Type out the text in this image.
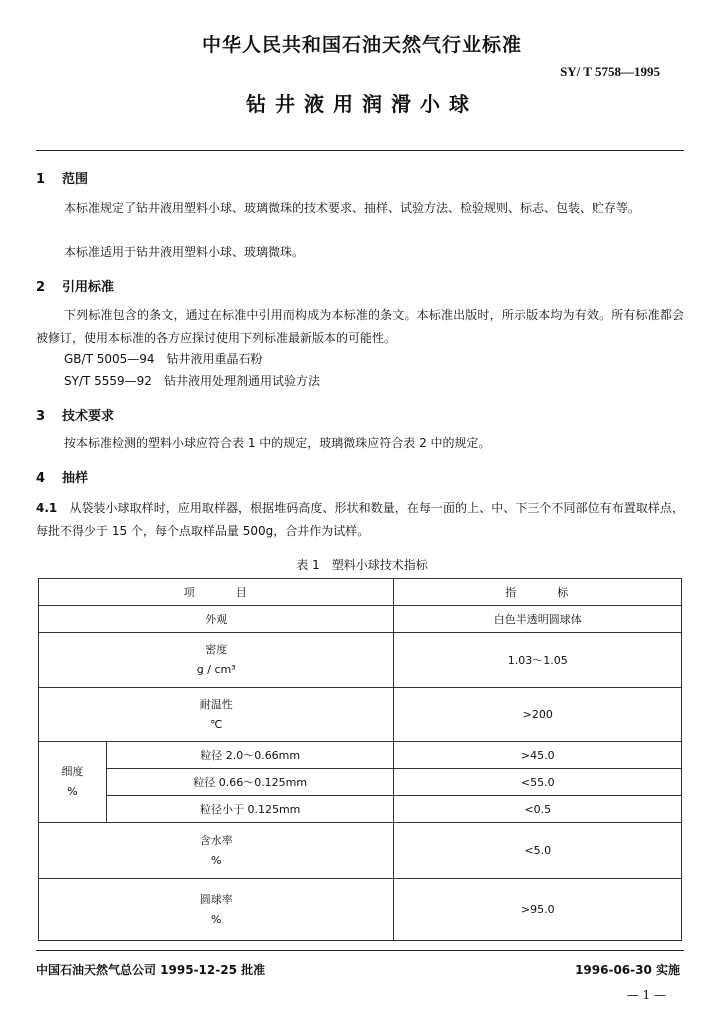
中华人民共和国石油天然气行业标准
SY/ T 5758—1995
钻井液用润滑小球
1 范围
本标准规定了钻井液用塑料小球、玻璃微珠的技术要求、抽样、试验方法、检验规则、标志、包装、贮存等。
本标准适用于钻井液用塑料小球、玻璃微珠。
2 引用标准
下列标准包含的条文，通过在标准中引用而构成为本标准的条文。本标准出版时，所示版本均为有效。所有标准都会被修订，使用本标准的各方应探讨使用下列标准最新版本的可能性。
GB/T 5005—94　钻井液用重晶石粉
SY/T 5559—92　钻井液用处理剂通用试验方法
3 技术要求
按本标准检测的塑料小球应符合表 1 中的规定，玻璃微珠应符合表 2 中的规定。
4 抽样
4.1 从袋装小球取样时，应用取样器，根据堆码高度、形状和数量，在每一面的上、中、下三个不同部位有布置取样点，每批不得少于 15 个，每个点取样品量 500g，合并作为试样。
表 1　塑料小球技术指标
项　　　目		指　　　标
外观		白色半透明圆球体

密度
g / cm³		1.03～1.05

耐温性
℃		>200

细度
%	粒径 2.0～0.66mm	>45.0
	粒径 0.66～0.125mm	<55.0
	粒径小于 0.125mm	<0.5

含水率
%		<5.0

圆球率
%		>95.0
中国石油天然气总公司 1995-12-25 批准	1996-06-30 实施
— 1 —
